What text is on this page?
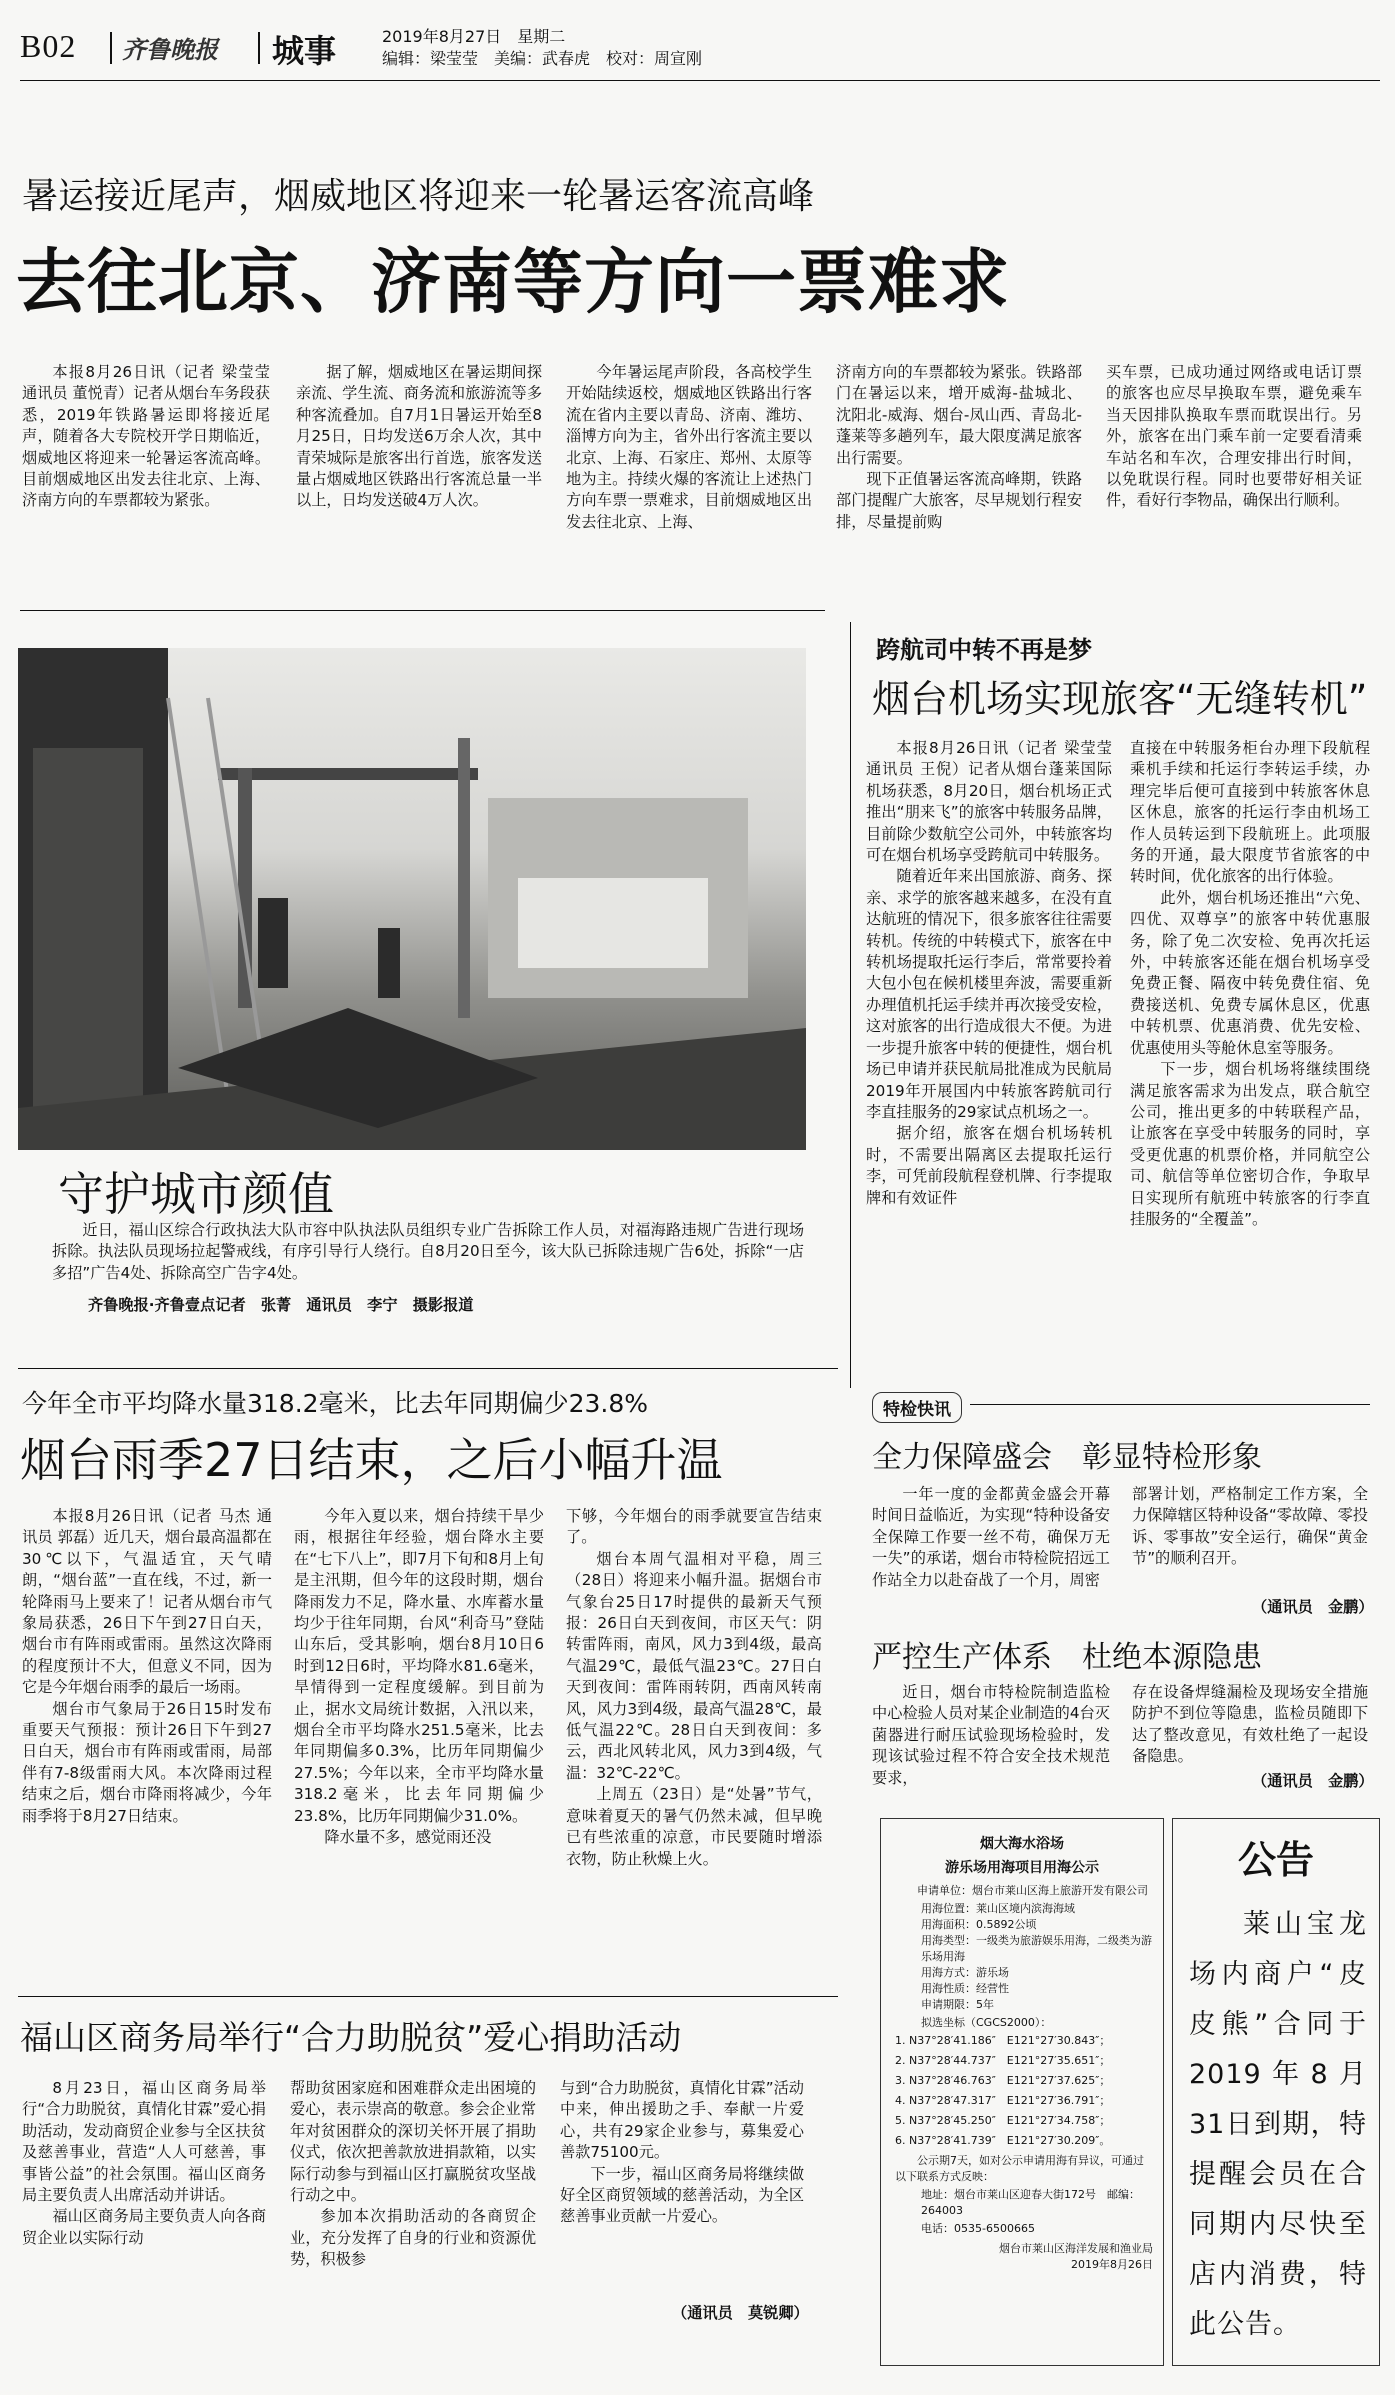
B02 齐鲁晚报 城事	2019年8月27日　星期二
编辑：梁莹莹　美编：武春虎　校对：周宣刚
暑运接近尾声，烟威地区将迎来一轮暑运客流高峰
去往北京、济南等方向一票难求

本报8月26日讯（记者 梁莹莹 通讯员 董悦青）记者从烟台车务段获悉，2019年铁路暑运即将接近尾声，随着各大专院校开学日期临近，烟威地区将迎来一轮暑运客流高峰。目前烟威地区出发去往北京、上海、济南方向的车票都较为紧张。

据了解，烟威地区在暑运期间探亲流、学生流、商务流和旅游流等多种客流叠加。自7月1日暑运开始至8月25日，日均发送6万余人次，其中青荣城际是旅客出行首选，旅客发送量占烟威地区铁路出行客流总量一半以上，日均发送破4万人次。

今年暑运尾声阶段，各高校学生开始陆续返校，烟威地区铁路出行客流在省内主要以青岛、济南、潍坊、淄博方向为主，省外出行客流主要以北京、上海、石家庄、郑州、太原等地为主。持续火爆的客流让上述热门方向车票一票难求，目前烟威地区出发去往北京、上海、

济南方向的车票都较为紧张。铁路部门在暑运以来，增开威海-盐城北、沈阳北-威海、烟台-凤山西、青岛北-蓬莱等多趟列车，最大限度满足旅客出行需要。

现下正值暑运客流高峰期，铁路部门提醒广大旅客，尽早规划行程安排，尽量提前购

买车票，已成功通过网络或电话订票的旅客也应尽早换取车票，避免乘车当天因排队换取车票而耽误出行。另外，旅客在出门乘车前一定要看清乘车站名和车次，合理安排出行时间，以免耽误行程。同时也要带好相关证件，看好行李物品，确保出行顺利。

守护城市颜值

近日，福山区综合行政执法大队市容中队执法队员组织专业广告拆除工作人员，对福海路违规广告进行现场拆除。执法队员现场拉起警戒线，有序引导行人绕行。自8月20日至今，该大队已拆除违规广告6处，拆除“一店多招”广告4处、拆除高空广告字4处。

齐鲁晚报·齐鲁壹点记者　张菁　通讯员　李宁　摄影报道
跨航司中转不再是梦
烟台机场实现旅客“无缝转机”

本报8月26日讯（记者 梁莹莹 通讯员 王倪）记者从烟台蓬莱国际机场获悉，8月20日，烟台机场正式推出“朋来飞”的旅客中转服务品牌，目前除少数航空公司外，中转旅客均可在烟台机场享受跨航司中转服务。

随着近年来出国旅游、商务、探亲、求学的旅客越来越多，在没有直达航班的情况下，很多旅客往往需要转机。传统的中转模式下，旅客在中转机场提取托运行李后，常常要拎着大包小包在候机楼里奔波，需要重新办理值机托运手续并再次接受安检，这对旅客的出行造成很大不便。为进一步提升旅客中转的便捷性，烟台机场已申请并获民航局批准成为民航局2019年开展国内中转旅客跨航司行李直挂服务的29家试点机场之一。

据介绍，旅客在烟台机场转机时，不需要出隔离区去提取托运行李，可凭前段航程登机牌、行李提取牌和有效证件

直接在中转服务柜台办理下段航程乘机手续和托运行李转运手续，办理完毕后便可直接到中转旅客休息区休息，旅客的托运行李由机场工作人员转运到下段航班上。此项服务的开通，最大限度节省旅客的中转时间，优化旅客的出行体验。

此外，烟台机场还推出“六免、四优、双尊享”的旅客中转优惠服务，除了免二次安检、免再次托运外，中转旅客还能在烟台机场享受免费正餐、隔夜中转免费住宿、免费接送机、免费专属休息区，优惠中转机票、优惠消费、优先安检、优惠使用头等舱休息室等服务。

下一步，烟台机场将继续围绕满足旅客需求为出发点，联合航空公司，推出更多的中转联程产品，让旅客在享受中转服务的同时，享受更优惠的机票价格，并同航空公司、航信等单位密切合作，争取早日实现所有航班中转旅客的行李直挂服务的“全覆盖”。

今年全市平均降水量318.2毫米，比去年同期偏少23.8%
烟台雨季27日结束，之后小幅升温

本报8月26日讯（记者 马杰 通讯员 郭磊）近几天，烟台最高温都在30℃以下，气温适宜，天气晴朗，“烟台蓝”一直在线，不过，新一轮降雨马上要来了！记者从烟台市气象局获悉，26日下午到27日白天，烟台市有阵雨或雷雨。虽然这次降雨的程度预计不大，但意义不同，因为它是今年烟台雨季的最后一场雨。

烟台市气象局于26日15时发布重要天气预报：预计26日下午到27日白天，烟台市有阵雨或雷雨，局部伴有7-8级雷雨大风。本次降雨过程结束之后，烟台市降雨将减少，今年雨季将于8月27日结束。

今年入夏以来，烟台持续干旱少雨，根据往年经验，烟台降水主要在“七下八上”，即7月下旬和8月上旬是主汛期，但今年的这段时期，烟台降雨发力不足，降水量、水库蓄水量均少于往年同期，台风“利奇马”登陆山东后，受其影响，烟台8月10日6时到12日6时，平均降水81.6毫米，旱情得到一定程度缓解。到目前为止，据水文局统计数据，入汛以来，烟台全市平均降水251.5毫米，比去年同期偏多0.3%，比历年同期偏少27.5%；今年以来，全市平均降水量318.2毫米，比去年同期偏少23.8%，比历年同期偏少31.0%。

降水量不多，感觉雨还没

下够，今年烟台的雨季就要宣告结束了。

烟台本周气温相对平稳，周三（28日）将迎来小幅升温。据烟台市气象台25日17时提供的最新天气预报：26日白天到夜间，市区天气：阴转雷阵雨，南风，风力3到4级，最高气温29℃，最低气温23℃。27日白天到夜间：雷阵雨转阴，西南风转南风，风力3到4级，最高气温28℃，最低气温22℃。28日白天到夜间：多云，西北风转北风，风力3到4级，气温：32℃-22℃。

上周五（23日）是“处暑”节气，意味着夏天的暑气仍然未减，但早晚已有些浓重的凉意，市民要随时增添衣物，防止秋燥上火。

特检快讯
全力保障盛会　彰显特检形象

一年一度的金都黄金盛会开幕时间日益临近，为实现“特种设备安全保障工作要一丝不苟，确保万无一失”的承诺，烟台市特检院招远工作站全力以赴奋战了一个月，周密

部署计划，严格制定工作方案，全力保障辖区特种设备“零故障、零投诉、零事故”安全运行，确保“黄金节”的顺利召开。

（通讯员　金鹏）
严控生产体系　杜绝本源隐患

近日，烟台市特检院制造监检中心检验人员对某企业制造的4台灭菌器进行耐压试验现场检验时，发现该试验过程不符合安全技术规范要求，

存在设备焊缝漏检及现场安全措施防护不到位等隐患，监检员随即下达了整改意见，有效杜绝了一起设备隐患。

（通讯员　金鹏）
福山区商务局举行“合力助脱贫”爱心捐助活动

8月23日，福山区商务局举行“合力助脱贫，真情化甘霖”爱心捐助活动，发动商贸企业参与全区扶贫及慈善事业，营造“人人可慈善，事事皆公益”的社会氛围。福山区商务局主要负责人出席活动并讲话。

福山区商务局主要负责人向各商贸企业以实际行动

帮助贫困家庭和困难群众走出困境的爱心，表示崇高的敬意。参会企业常年对贫困群众的深切关怀开展了捐助仪式，依次把善款放进捐款箱，以实际行动参与到福山区打赢脱贫攻坚战行动之中。

参加本次捐助活动的各商贸企业，充分发挥了自身的行业和资源优势，积极参

与到“合力助脱贫，真情化甘霖”活动中来，伸出援助之手、奉献一片爱心，共有29家企业参与，募集爱心善款75100元。

下一步，福山区商务局将继续做好全区商贸领域的慈善活动，为全区慈善事业贡献一片爱心。

（通讯员　莫锐卿）
烟大海水浴场
游乐场用海项目用海公示
申请单位：烟台市莱山区海上旅游开发有限公司
用海位置：莱山区境内滨海海域
用海面积：0.5892公顷
用海类型：一级类为旅游娱乐用海，二级类为游乐场用海
用海方式：游乐场
用海性质：经营性
申请期限：5年
拟选坐标（CGCS2000）：
1. N37°28′41.186″　E121°27′30.843″；
2. N37°28′44.737″　E121°27′35.651″；
3. N37°28′46.763″　E121°27′37.625″；
4. N37°28′47.317″　E121°27′36.791″；
5. N37°28′45.250″　E121°27′34.758″；
6. N37°28′41.739″　E121°27′30.209″。
公示期7天，如对公示申请用海有异议，可通过以下联系方式反映：
地址：烟台市莱山区迎春大街172号　邮编：264003
电话：0535-6500665
烟台市莱山区海洋发展和渔业局
2019年8月26日
公告

莱山宝龙场内商户“皮皮熊”合同于2019年8月31日到期，特提醒会员在合同期内尽快至店内消费，特此公告。
